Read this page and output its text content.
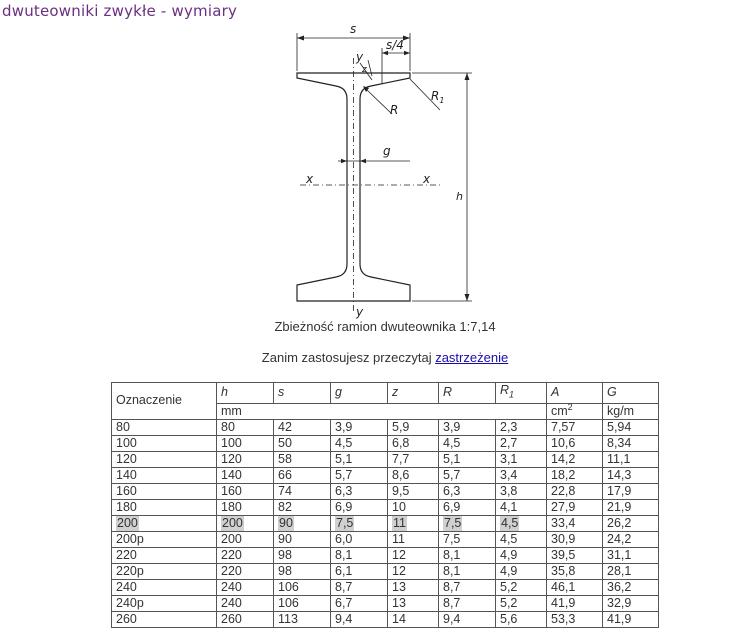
dwuteowniki zwykłe - wymiary
s
s/4
y
z
R
$R_1$
g
x	x
h
y
Zbieżność ramion dwuteownika 1:7,14
Zanim zastosujesz przeczytaj zastrzeżenie
Oznaczenie	h	s	g	z	R	$R_1$	A	G
	mm						$cm^2$	kg/m
80	80	42	3,9	5,9	3,9	2,3	7,57	5,94
100	100	50	4,5	6,8	4,5	2,7	10,6	8,34
120	120	58	5,1	7,7	5,1	3,1	14,2	11,1
140	140	66	5,7	8,6	5,7	3,4	18,2	14,3
160	160	74	6,3	9,5	6,3	3,8	22,8	17,9
180	180	82	6,9	10	6,9	4,1	27,9	21,9
200	200	90	7,5	11	7,5	4,5	33,4	26,2
200p	200	90	6,0	11	7,5	4,5	30,9	24,2
220	220	98	8,1	12	8,1	4,9	39,5	31,1
220p	220	98	6,1	12	8,1	4,9	35,8	28,1
240	240	106	8,7	13	8,7	5,2	46,1	36,2
240p	240	106	6,7	13	8,7	5,2	41,9	32,9
260	260	113	9,4	14	9,4	5,6	53,3	41,9
